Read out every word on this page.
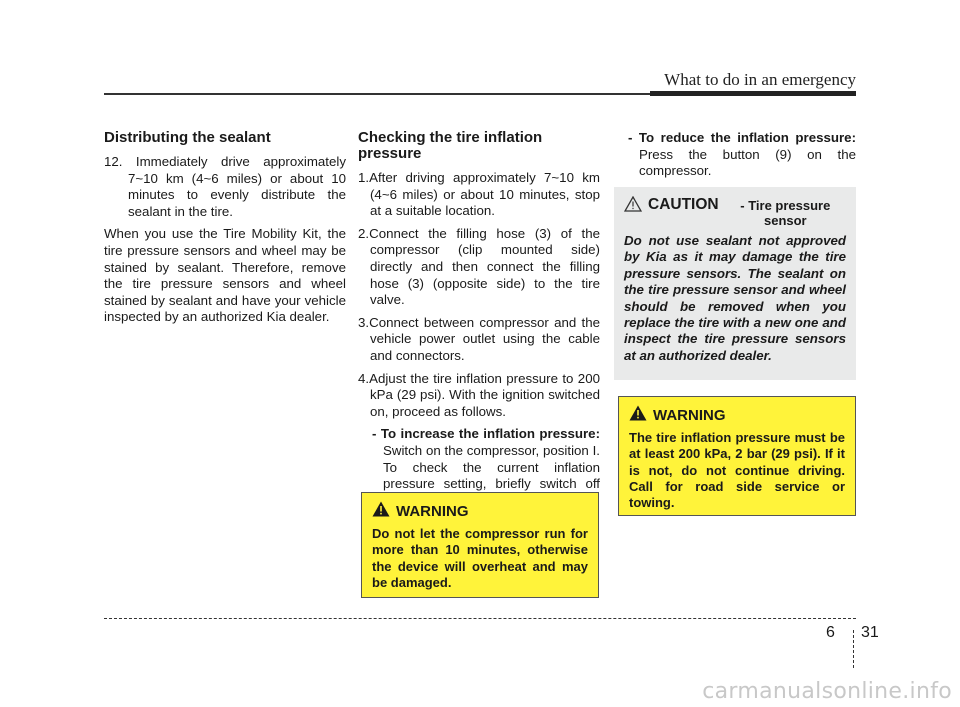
What to do in an emergency
Distributing the sealant
12. Immediately drive approximately 7~10 km (4~6 miles) or about 10 minutes to evenly distribute the sealant in the tire.
When you use the Tire Mobility Kit, the tire pressure sensors and wheel may be stained by sealant. Therefore, remove the tire pressure sensors and wheel stained by sealant and have your vehicle inspected by an authorized Kia dealer.
Checking the tire inflation pressure
1.After driving approximately 7~10 km (4~6 miles) or about 10 minutes, stop at a suitable location.
2.Connect the filling hose (3) of the compressor (clip mounted side) directly and then connect the filling hose (3) (opposite side) to the tire valve.
3.Connect between compressor and the vehicle power outlet using the cable and connectors.
4.Adjust the tire inflation pressure to 200 kPa (29 psi). With the ignition switched on, proceed as follows.
- To increase the inflation pressure: Switch on the compressor, position I. To check the current inflation pressure setting, briefly switch off
- To reduce the inflation pressure: Press the button (9) on the compressor.
CAUTION	- Tire pressure sensor
Do not use sealant not approved by Kia as it may damage the tire pressure sensors. The sealant on the tire pressure sensor and wheel should be removed when you replace the tire with a new one and inspect the tire pressure sensors at an authorized dealer.
WARNING
Do not let the compressor run for more than 10 minutes, otherwise the device will overheat and may be damaged.
WARNING
The tire inflation pressure must be at least 200 kPa, 2 bar (29 psi). If it is not, do not continue driving. Call for road side service or towing.
6 31
carmanualsonline.info
